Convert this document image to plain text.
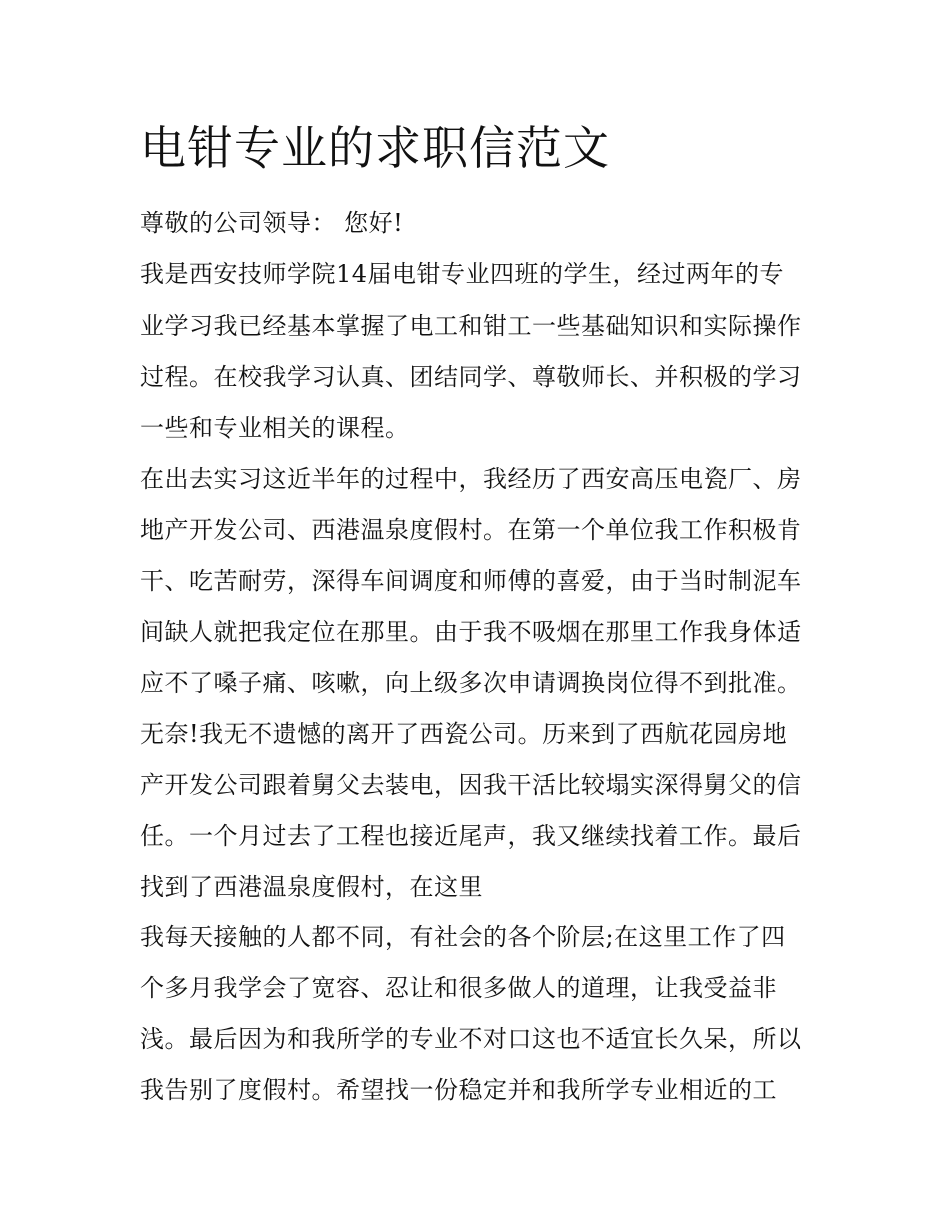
电钳专业的求职信范文

尊敬的公司领导： 您好!

我是西安技师学院14届电钳专业四班的学生，经过两年的专

业学习我已经基本掌握了电工和钳工一些基础知识和实际操作

过程。在校我学习认真、团结同学、尊敬师长、并积极的学习

一些和专业相关的课程。

在出去实习这近半年的过程中，我经历了西安高压电瓷厂、房

地产开发公司、西港温泉度假村。在第一个单位我工作积极肯

干、吃苦耐劳，深得车间调度和师傅的喜爱，由于当时制泥车

间缺人就把我定位在那里。由于我不吸烟在那里工作我身体适

应不了嗓子痛、咳嗽，向上级多次申请调换岗位得不到批准。

无奈!我无不遗憾的离开了西瓷公司。历来到了西航花园房地

产开发公司跟着舅父去装电，因我干活比较塌实深得舅父的信

任。一个月过去了工程也接近尾声，我又继续找着工作。最后

找到了西港温泉度假村，在这里

我每天接触的人都不同，有社会的各个阶层;在这里工作了四

个多月我学会了宽容、忍让和很多做人的道理，让我受益非

浅。最后因为和我所学的专业不对口这也不适宜长久呆，所以

我告别了度假村。希望找一份稳定并和我所学专业相近的工
